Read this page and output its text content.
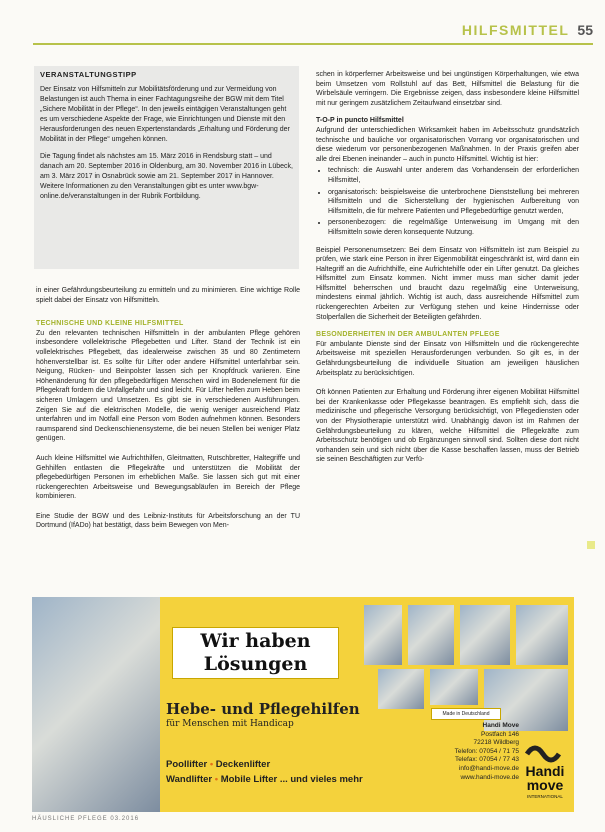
HILFSMITTEL 55
VERANSTALTUNGSTIPP

Der Einsatz von Hilfsmitteln zur Mobilitätsförderung und zur Vermeidung von Belastungen ist auch Thema in einer Fachtagungsreihe der BGW mit dem Titel „Sichere Mobilität in der Pflege“. In den jeweils eintägigen Veranstaltungen geht es um verschiedene Aspekte der Frage, wie Einrichtungen und Dienste mit den Herausforderungen des neuen Expertenstandards „Erhaltung und Förderung der Mobilität in der Pflege“ umgehen können.

Die Tagung findet als nächstes am 15. März 2016 in Rendsburg statt – und danach am 20. September 2016 in Oldenburg, am 30. November 2016 in Lübeck, am 3. März 2017 in Osnabrück sowie am 21. September 2017 in Hannover. Weitere Informationen zu den Veranstaltungen gibt es unter www.bgw-online.de/veranstaltungen in der Rubrik Fortbildung.

in einer Gefährdungsbeurteilung zu ermitteln und zu minimieren. Eine wichtige Rolle spielt dabei der Einsatz von Hilfsmitteln.
TECHNISCHE UND KLEINE HILFSMITTEL
Zu den relevanten technischen Hilfsmitteln in der ambulanten Pflege gehören insbesondere vollelektrische Pflegebetten und Lifter. Stand der Technik ist ein vollelektrisches Pflegebett, das idealerweise zwischen 35 und 80 Zentimetern höhenverstellbar ist. Es sollte für Lifter oder andere Hilfsmittel unterfahrbar sein. Neigung, Rücken- und Beinpolster lassen sich per Knopfdruck variieren. Eine Höhenänderung für den pflegebedürftigen Menschen wird im Bodenelement für die Pflegekraft fordern die Unfallgefahr und sind leicht. Für Lifter helfen zum Heben beim sicheren Umlagern und Umsetzen. Es gibt sie in verschiedenen Ausführungen. Zeigen Sie auf die elektrischen Modelle, die wenig weniger ausreichend Platz unterfahren und im Notfall eine Person vom Boden aufnehmen können. Besonders raumsparend sind Deckenschienensysteme, die bei neuen Stellen bei weniger Platz genügen.
Auch kleine Hilfsmittel wie Aufrichthilfen, Gleitmatten, Rutschbretter, Haltegriffe und Gehhilfen entlasten die Pflegekräfte und unterstützen die Mobilität der pflegebedürftigen Personen im erheblichen Maße. Sie lassen sich gut mit einer rückengerechten Arbeitsweise und Bewegungsabläufen im Bereich der Pflege kombinieren.
Eine Studie der BGW und des Leibniz-Instituts für Arbeitsforschung an der TU Dortmund (IfADo) hat bestätigt, dass beim Bewegen von Men-
schen in körperferner Arbeitsweise und bei ungünstigen Körperhaltungen, wie etwa beim Umsetzen vom Rollstuhl auf das Bett, Hilfsmittel die Belastung für die Wirbelsäule verringern. Die Ergebnisse zeigen, dass insbesondere kleine Hilfsmittel mit nur geringem zusätzlichem Zeitaufwand einsetzbar sind.
T-O-P in puncto Hilfsmittel
Aufgrund der unterschiedlichen Wirksamkeit haben im Arbeitsschutz grundsätzlich technische und bauliche vor organisatorischen Vorrang vor organisatorischen und diese wiederum vor personenbezogenen Maßnahmen. In der Praxis greifen aber alle drei Ebenen ineinander – auch in puncto Hilfsmittel. Wichtig ist hier:
• technisch: die Auswahl unter anderem das Vorhandensein der erforderlichen Hilfsmittel,
• organisatorisch: beispielsweise die unterbrochene Dienststellung bei mehreren Hilfsmitteln und die Sicherstellung der hygienischen Aufbereitung von Hilfsmitteln, die für mehrere Patienten und Pflegebedürftige genutzt werden,
• personenbezogen: die regelmäßige Unterweisung im Umgang mit den Hilfsmitteln sowie deren konsequente Nutzung.
Beispiel Personenumsetzen: Bei dem Einsatz von Hilfsmitteln ist zum Beispiel zu prüfen, wie stark eine Person in ihrer Eigenmobilität eingeschränkt ist, wird dann ein Haltegriff an die Aufrichthilfe, eine Aufrichtehilfe oder ein Lifter genutzt. Da gleiches Hilfsmittel zum Einsatz kommen. Nicht immer muss man sicher damit jeder Hilfsmittel beherrschen und braucht dazu regelmäßig eine Unterweisung, mindestens einmal jährlich. Wichtig ist auch, dass ausreichende Hilfsmittel zum rückengerechten Arbeiten zur Verfügung stehen und keine Hindernisse oder Stolperfallen die Sicherheit der Beteiligten gefährden.
BESONDERHEITEN IN DER AMBULANTEN PFLEGE
Für ambulante Dienste sind der Einsatz von Hilfsmitteln und die rückengerechte Arbeitsweise mit speziellen Herausforderungen verbunden. So gilt es, in der Gefährdungsbeurteilung die individuelle Situation am jeweiligen häuslichen Arbeitsplatz zu berücksichtigen.
Oft können Patienten zur Erhaltung und Förderung ihrer eigenen Mobilität Hilfsmittel bei der Krankenkasse oder Pflegekasse beantragen. Es empfiehlt sich, dass die medizinische und pflegerische Versorgung berücksichtigt, von Pflegediensten oder von der Physiotherapie unterstützt wird. Unabhängig davon ist im Rahmen der Gefährdungsbeurteilung zu klären, welche Hilfsmittel die Pflegekräfte zum Arbeitsschutz benötigen und ob Ergänzungen sinnvoll sind. Sollten diese dort nicht vorhanden sein und sich nicht über die Kasse beschaffen lassen, muss der Betrieb sie seinen Beschäftigten zur Verfü-
Wir haben
Lösungen
Hebe- und Pflegehilfen
für Menschen mit Handicap
Poollifter • Deckenlifter
Wandlifter • Mobile Lifter ... und vieles mehr
Made in Deutschland
Handi Move
Postfach 146
72218 Wildberg
Telefon: 07054 / 71 75
Telefax: 07054 / 77 43
info@handi-move.de
www.handi-move.de Handi
move
INTERNATIONAL
HÄUSLICHE PFLEGE 03.2016
